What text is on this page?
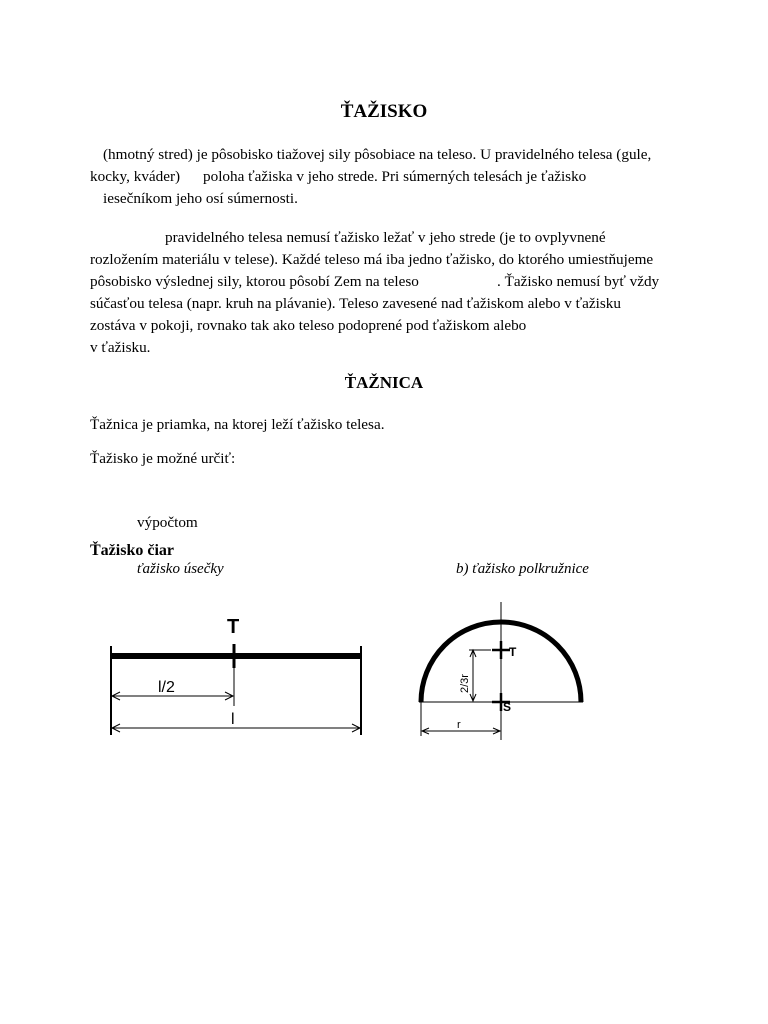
ŤAŽISKO

(hmotný stred) je pôsobisko tiažovej sily pôsobiace na teleso. U pravidelného telesa (gule,

kocky, kváder) poloha ťažiska v jeho strede. Pri súmerných telesách je ťažisko

iesečníkom jeho osí súmernosti.

pravidelného telesa nemusí ťažisko ležať v jeho strede (je to ovplyvnené

rozložením materiálu v telese). Každé teleso má iba jedno ťažisko, do ktorého umiestňujeme

pôsobisko výslednej sily, ktorou pôsobí Zem na teleso	. Ťažisko nemusí byť vždy

súčasťou telesa (napr. kruh na plávanie). Teleso zavesené nad ťažiskom alebo v ťažisku

zostáva v pokoji, rovnako tak ako teleso podoprené pod ťažiskom alebo

v ťažisku.

ŤAŽNICA

Ťažnica je priamka, na ktorej leží ťažisko telesa.

Ťažisko je možné určiť:

výpočtom

Ťažisko čiar

ťažisko úsečky	b) ťažisko polkružnice

T
l/2
l
T
S
2/3r
r
